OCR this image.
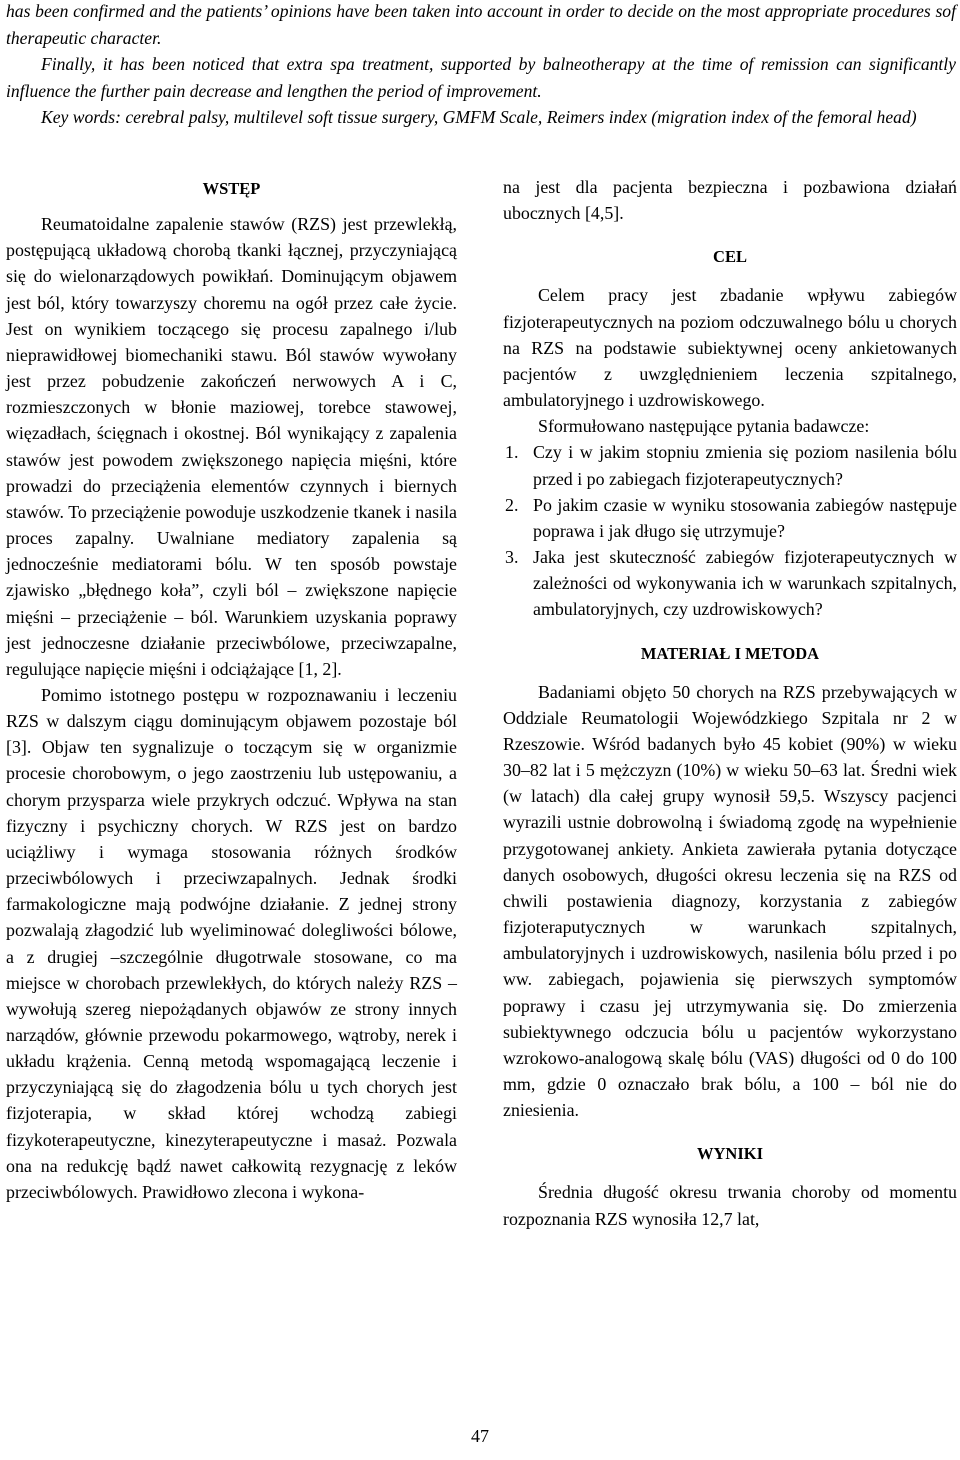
has been confirmed and the patients’ opinions have been taken into account in order to decide on the most appropriate procedures sof therapeutic character.

Finally, it has been noticed that extra spa treatment, supported by balneotherapy at the time of remission can significantly influence the further pain decrease and lengthen the period of improvement.

Key words: cerebral palsy, multilevel soft tissue surgery, GMFM Scale, Reimers index (migration index of the femoral head)

WSTĘP

Reumatoidalne zapalenie stawów (RZS) jest przewlekłą, postępującą układową chorobą tkanki łącznej, przyczyniającą się do wielonarządowych powikłań. Dominującym objawem jest ból, który towarzyszy choremu na ogół przez całe życie. Jest on wynikiem toczącego się procesu zapalnego i/lub nieprawidłowej biomechaniki stawu. Ból stawów wywołany jest przez pobudzenie zakończeń nerwowych A i C, rozmieszczonych w błonie maziowej, torebce stawowej, więzadłach, ścięgnach i okostnej. Ból wynikający z zapalenia stawów jest powodem zwiększonego napięcia mięśni, które prowadzi do przeciążenia elementów czynnych i biernych stawów. To przeciążenie powoduje uszkodzenie tkanek i nasila proces zapalny. Uwalniane mediatory zapalenia są jednocześnie mediatorami bólu. W ten sposób powstaje zjawisko „błędnego koła”, czyli ból – zwiększone napięcie mięśni – przeciążenie – ból. Warunkiem uzyskania poprawy jest jednoczesne działanie przeciwbólowe, przeciwzapalne, regulujące napięcie mięśni i odciążające [1, 2].

Pomimo istotnego postępu w rozpoznawaniu i leczeniu RZS w dalszym ciągu dominującym objawem pozostaje ból [3]. Objaw ten sygnalizuje o toczącym się w organizmie procesie chorobowym, o jego zaostrzeniu lub ustępowaniu, a chorym przysparza wiele przykrych odczuć. Wpływa na stan fizyczny i psychiczny chorych. W RZS jest on bardzo uciążliwy i wymaga stosowania różnych środków przeciwbólowych i przeciwzapalnych. Jednak środki farmakologiczne mają podwójne działanie. Z jednej strony pozwalają złagodzić lub wyeliminować dolegliwości bólowe, a z drugiej –szczególnie długotrwale stosowane, co ma miejsce w chorobach przewlekłych, do których należy RZS – wywołują szereg niepożądanych objawów ze strony innych narządów, głównie przewodu pokarmowego, wątroby, nerek i układu krążenia. Cenną metodą wspomagającą leczenie i przyczyniającą się do złagodzenia bólu u tych chorych jest fizjoterapia, w skład której wchodzą zabiegi fizykoterapeutyczne, kinezyterapeutyczne i masaż. Pozwala ona na redukcję bądź nawet całkowitą rezygnację z leków przeciwbólowych. Prawidłowo zlecona i wykona-

na jest dla pacjenta bezpieczna i pozbawiona działań ubocznych [4,5].

CEL

Celem pracy jest zbadanie wpływu zabiegów fizjoterapeutycznych na poziom odczuwalnego bólu u chorych na RZS na podstawie subiektywnej oceny ankietowanych pacjentów z uwzględnieniem leczenia szpitalnego, ambulatoryjnego i uzdrowiskowego.

Sformułowano następujące pytania badawcze:

1. Czy i w jakim stopniu zmienia się poziom nasilenia bólu przed i po zabiegach fizjoterapeutycznych?
2. Po jakim czasie w wyniku stosowania zabiegów następuje poprawa i jak długo się utrzymuje?
3. Jaka jest skuteczność zabiegów fizjoterapeutycznych w zależności od wykonywania ich w warunkach szpitalnych, ambulatoryjnych, czy uzdrowiskowych?
MATERIAŁ I METODA

Badaniami objęto 50 chorych na RZS przebywających w Oddziale Reumatologii Wojewódzkiego Szpitala nr 2 w Rzeszowie. Wśród badanych było 45 kobiet (90%) w wieku 30–82 lat i 5 mężczyzn (10%) w wieku 50–63 lat. Średni wiek (w latach) dla całej grupy wynosił 59,5. Wszyscy pacjenci wyrazili ustnie dobrowolną i świadomą zgodę na wypełnienie przygotowanej ankiety. Ankieta zawierała pytania dotyczące danych osobowych, długości okresu leczenia się na RZS od chwili postawienia diagnozy, korzystania z zabiegów fizjoteraputycznych w warunkach szpitalnych, ambulatoryjnych i uzdrowiskowych, nasilenia bólu przed i po ww. zabiegach, pojawienia się pierwszych symptomów poprawy i czasu jej utrzymywania się. Do zmierzenia subiektywnego odczucia bólu u pacjentów wykorzystano wzrokowo-analogową skalę bólu (VAS) długości od 0 do 100 mm, gdzie 0 oznaczało brak bólu, a 100 – ból nie do zniesienia.

WYNIKI

Średnia długość okresu trwania choroby od momentu rozpoznania RZS wynosiła 12,7 lat,

47
